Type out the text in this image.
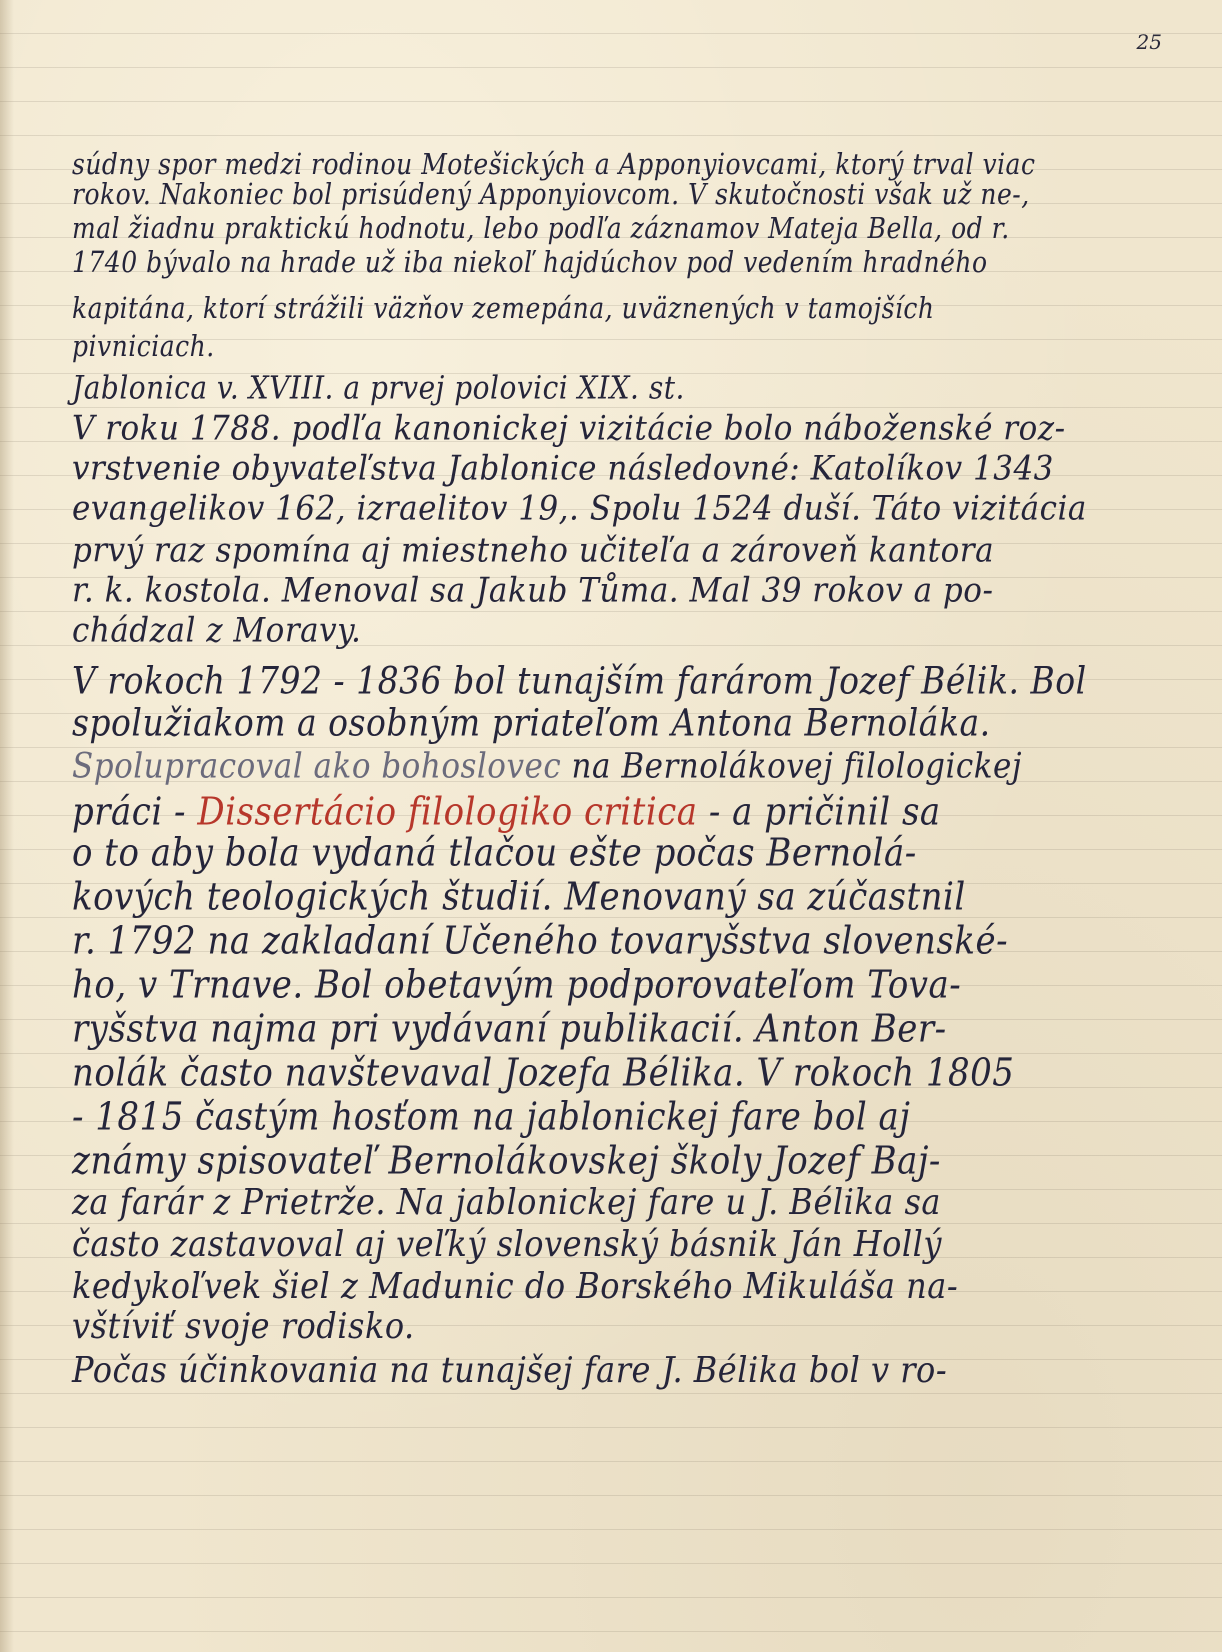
25
súdny spor medzi rodinou Motešických a Apponyiovcami, ktorý trval viac
rokov. Nakoniec bol prisúdený Apponyiovcom. V skutočnosti však už ne-,
mal žiadnu praktickú hodnotu, lebo podľa záznamov Mateja Bella, od r.
1740 bývalo na hrade už iba niekoľ hajdúchov pod vedením hradného
kapitána, ktorí strážili väzňov zemepána, uväznených v tamojších
pivniciach.
Jablonica v. XVIII. a prvej polovici XIX. st.
V roku 1788. podľa kanonickej vizitácie bolo náboženské roz-
vrstvenie obyvateľstva Jablonice následovné: Katolíkov 1343
evangelikov 162, izraelitov 19,. Spolu 1524 duší. Táto vizitácia
prvý raz spomína aj miestneho učiteľa a zároveň kantora
r. k. kostola. Menoval sa Jakub Tůma. Mal 39 rokov a po-
chádzal z Moravy.
V rokoch 1792 - 1836 bol tunajším farárom Jozef Bélik. Bol
spolužiakom a osobným priateľom Antona Bernoláka.
Spolupracoval ako bohoslovec na Bernolákovej filologickej
práci - Dissertácio filologiko critica - a pričinil sa
o to aby bola vydaná tlačou ešte počas Bernolá-
kových teologických študií. Menovaný sa zúčastnil
r. 1792 na zakladaní Učeného tovaryšstva slovenské-
ho, v Trnave. Bol obetavým podporovateľom Tova-
ryšstva najma pri vydávaní publikacií. Anton Ber-
nolák často navštevaval Jozefa Bélika. V rokoch 1805
- 1815 častým hosťom na jablonickej fare bol aj
známy spisovateľ Bernolákovskej školy Jozef Baj-
za farár z Prietrže. Na jablonickej fare u J. Bélika sa
často zastavoval aj veľký slovenský básnik Ján Hollý
kedykoľvek šiel z Madunic do Borského Mikuláša na-
vštíviť svoje rodisko.
Počas účinkovania na tunajšej fare J. Bélika bol v ro-
